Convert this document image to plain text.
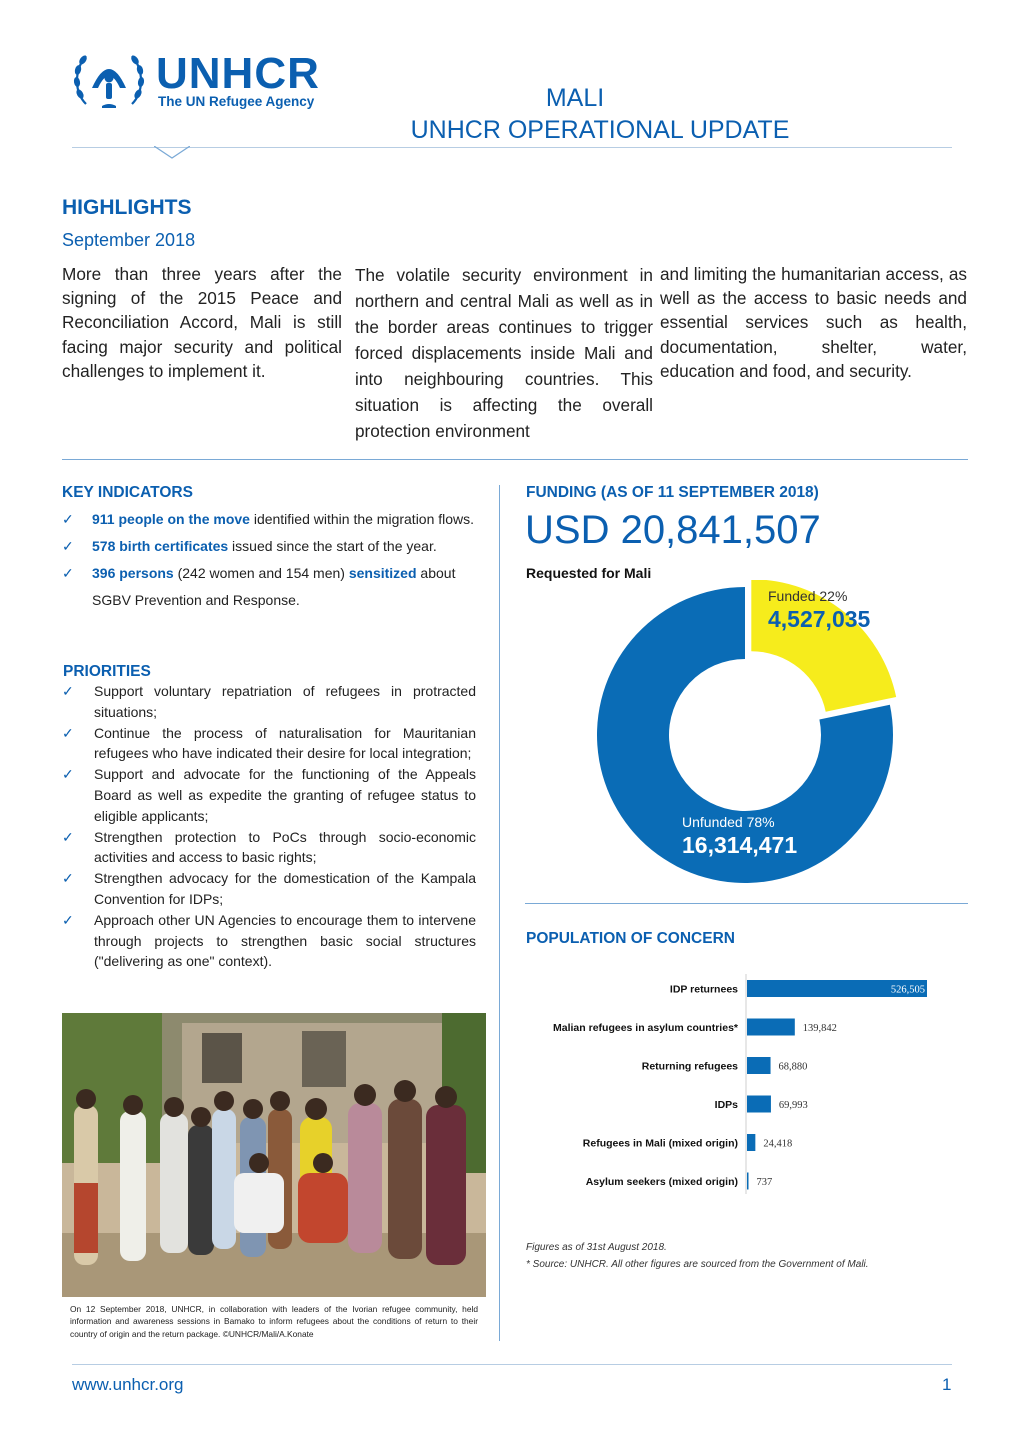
UNHCR
The UN Refugee Agency	MALI
UNHCR OPERATIONAL UPDATE
HIGHLIGHTS
September 2018
More than three years after the signing of the 2015 Peace and Reconciliation Accord, Mali is still facing major security and political challenges to implement it.
The volatile security environment in northern and central Mali as well as in the border areas continues to trigger forced displacements inside Mali and into neighbouring countries. This situation is affecting the overall protection environment
and limiting the humanitarian access, as well as the access to basic needs and essential services such as health, documentation, shelter, water, education and food, and security.
KEY INDICATORS
✓ 911 people on the move identified within the migration flows.
✓ 578 birth certificates issued since the start of the year.
✓ 396 persons (242 women and 154 men) sensitized about SGBV Prevention and Response.
PRIORITIES
✓ Support voluntary repatriation of refugees in protracted situations;
✓ Continue the process of naturalisation for Mauritanian refugees who have indicated their desire for local integration;
✓ Support and advocate for the functioning of the Appeals Board as well as expedite the granting of refugee status to eligible applicants;
✓ Strengthen protection to PoCs through socio-economic activities and access to basic rights;
✓ Strengthen advocacy for the domestication of the Kampala Convention for IDPs;
✓ Approach other UN Agencies to encourage them to intervene through projects to strengthen basic social structures ("delivering as one" context).
On 12 September 2018, UNHCR, in collaboration with leaders of the Ivorian refugee community, held information and awareness sessions in Bamako to inform refugees about the conditions of return to their country of origin and the return package. ©UNHCR/Mali/A.Konate
FUNDING (AS OF 11 SEPTEMBER 2018)
USD 20,841,507
Requested for Mali
Funded 22%
4,527,035
Unfunded 78%
16,314,471
POPULATION OF CONCERN
IDP returnees	526,505
Malian refugees in asylum countries*	139,842
Returning refugees	68,880
IDPs	69,993
Refugees in Mali (mixed origin) 24,418
Asylum seekers (mixed origin) 737
Figures as of 31st August 2018.
* Source: UNHCR. All other figures are sourced from the Government of Mali.
www.unhcr.org	1
